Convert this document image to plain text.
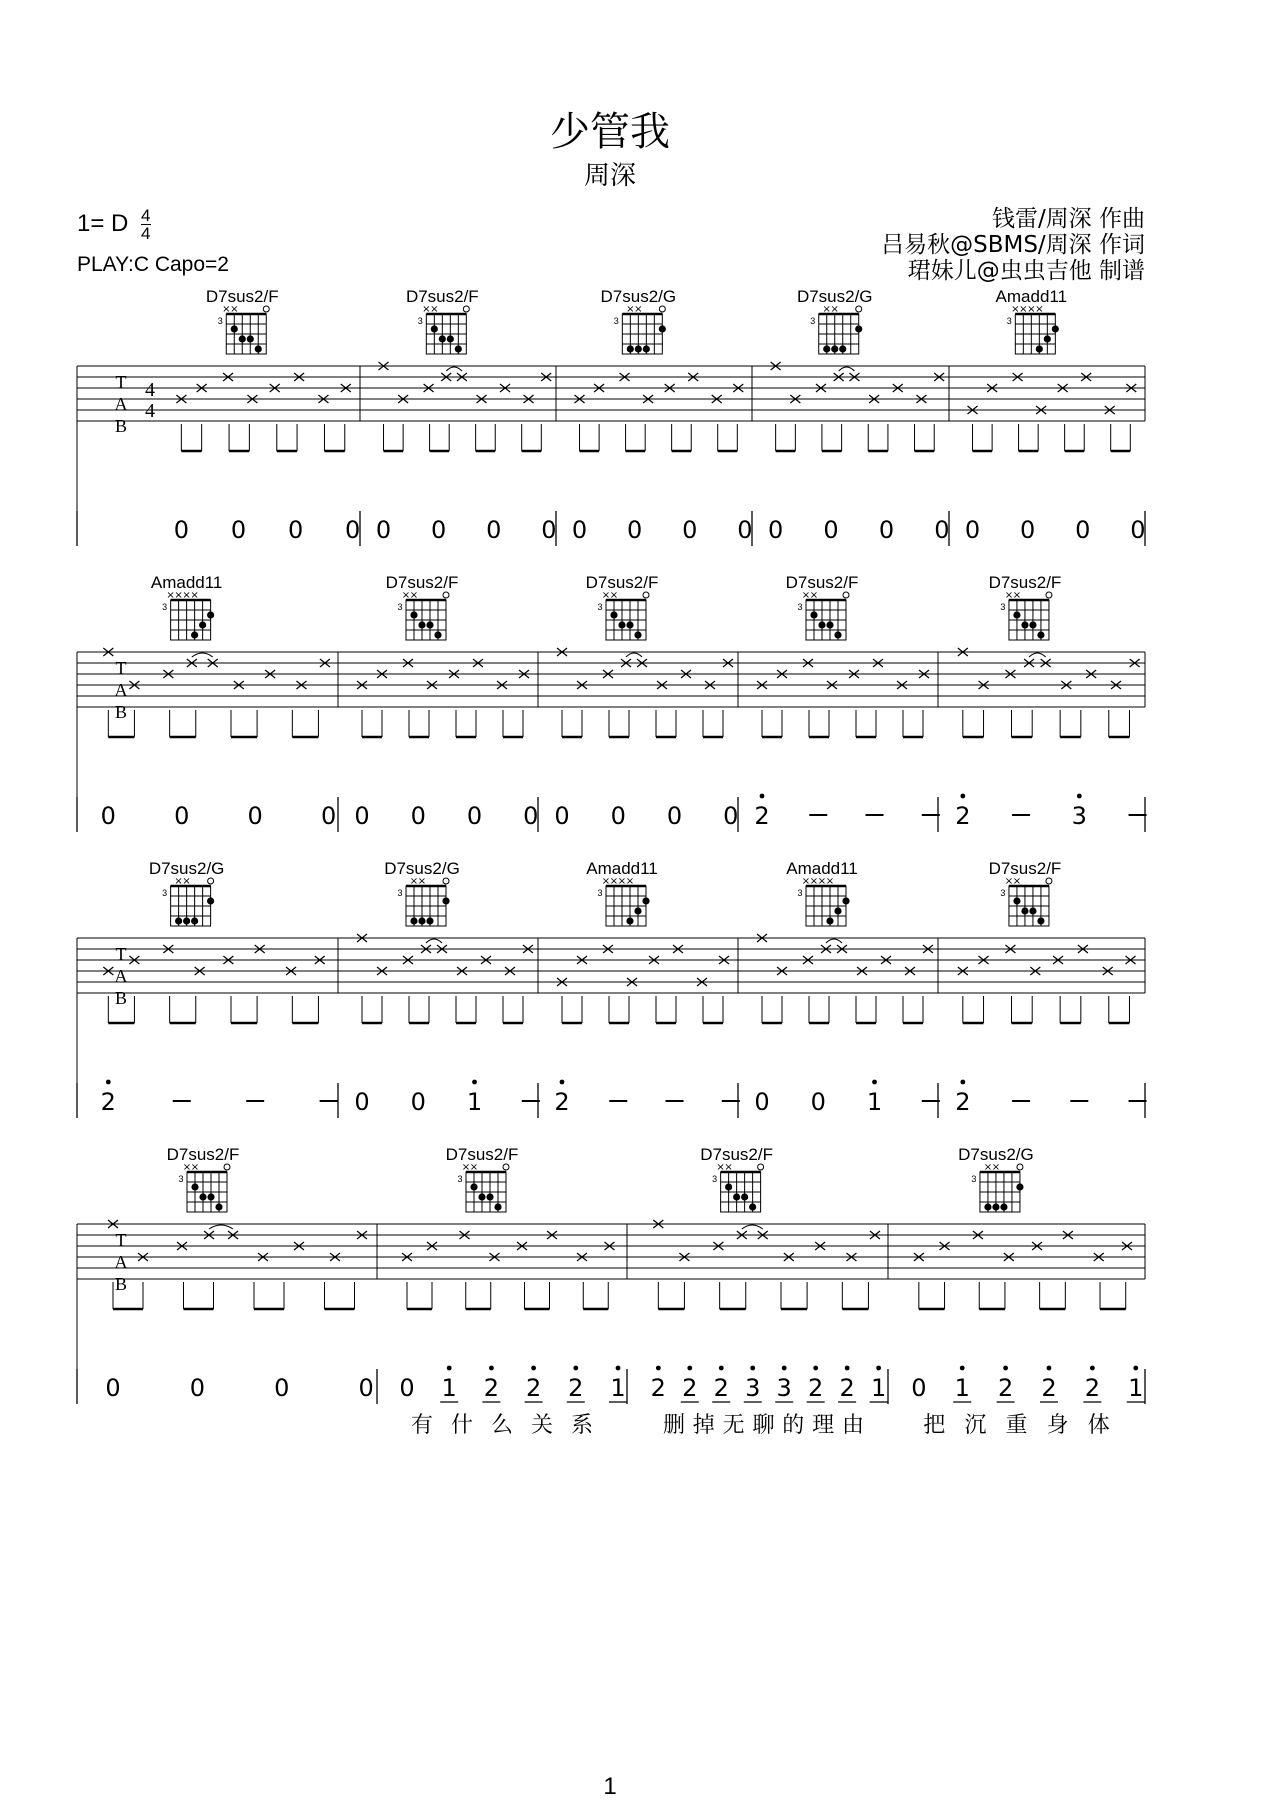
少管我
周深
1= D $\frac{4}{4}$
PLAY:C Capo=2
钱雷/周深 作曲
吕易秋@SBMS/周深 作词
珺妹儿@虫虫吉他 制谱
T
A
B
4
4
D7sus2/F
3
× ×
0 0 0 0
D7sus2/F
3
× ×
0 0 0 0
D7sus2/G
3
× ×
0 0 0 0
D7sus2/G
3
× ×
0 0 0 0
Amadd11
3
× × × ×
0 0 0 0
T
A
B
Amadd11
3
× × × ×
0 0 0 0
D7sus2/F
3
× ×
0 0 0 0
D7sus2/F
3
× ×
0 0 0 0
D7sus2/F
3
× ×
2
D7sus2/F
3
× ×
2	3
T
A
B
D7sus2/G
3
× ×
2
D7sus2/G
3
× ×
0 0 1
Amadd11
3
× × × ×
2
Amadd11
3
× × × ×
0 0 1
D7sus2/F
3
× ×
2
T
A
B
D7sus2/F
3
× ×
0	0	0	0
D7sus2/F
3
× ×
0 1 2 2 2 1
有 什 么 关 系
D7sus2/F
3
× ×
2 2 2 3 3 2 2 1
删 掉 无 聊 的 理 由
D7sus2/G
3
× ×
0 1 2 2 2 1
把 沉 重 身 体
1
